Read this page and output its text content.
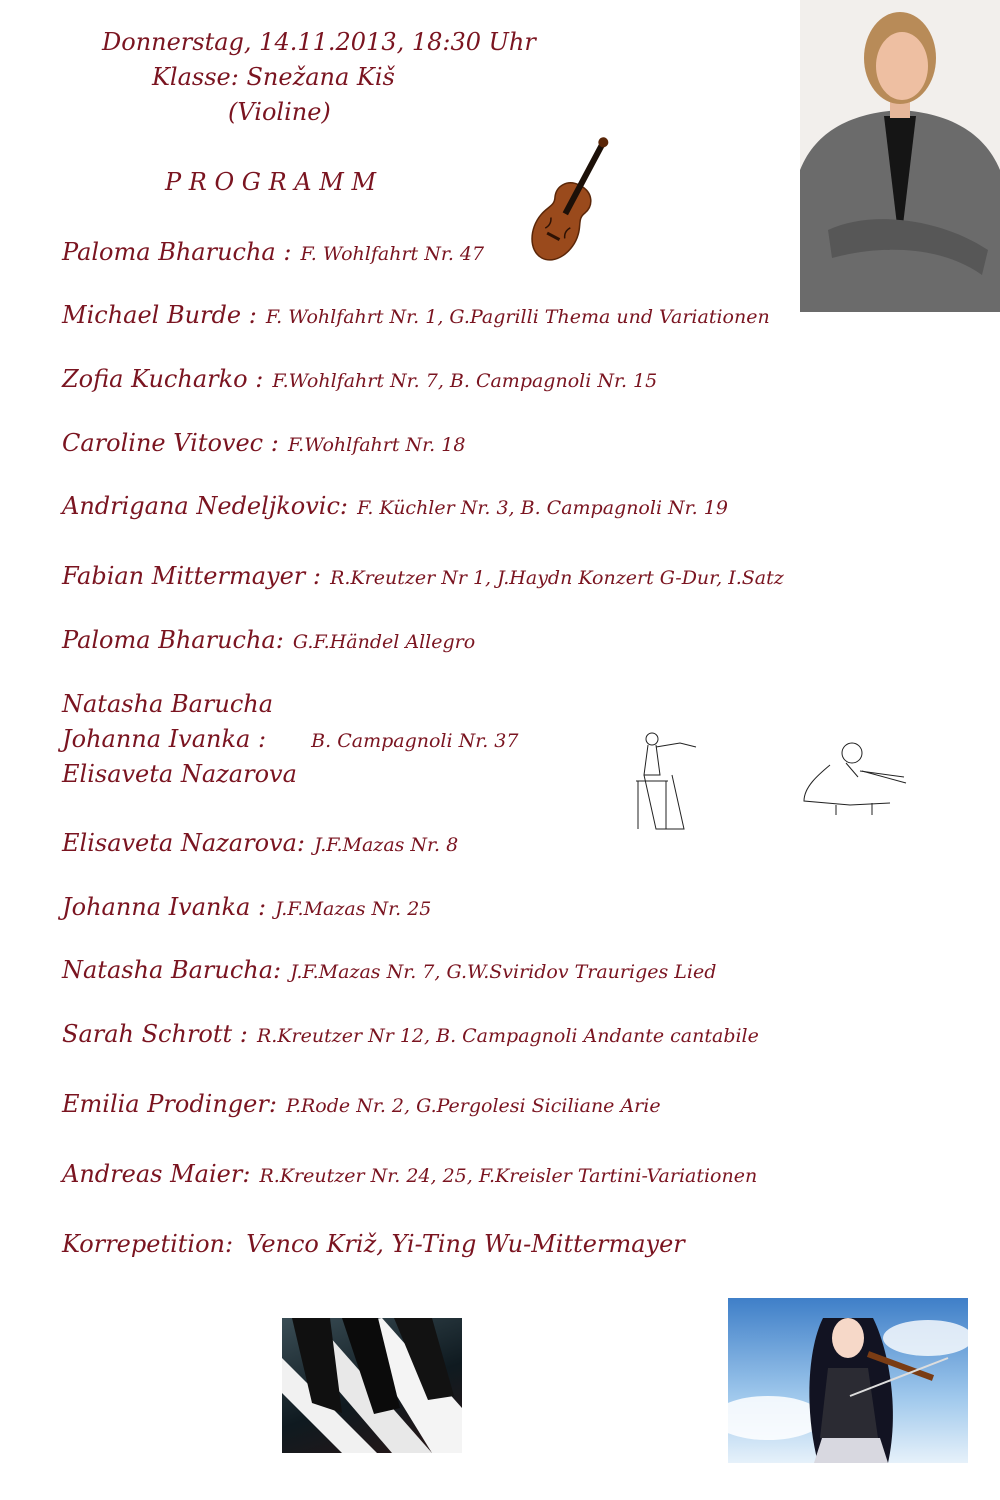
Donnerstag, 14.11.2013, 18:30 Uhr
Klasse: Snežana Kiš
(Violine)
P R O G R A M M
Paloma Bharucha : F. Wohlfahrt Nr. 47
Michael Burde : F. Wohlfahrt Nr. 1, G.Pagrilli Thema und Variationen
Zofia Kucharko : F.Wohlfahrt Nr. 7, B. Campagnoli Nr. 15
Caroline Vitovec : F.Wohlfahrt Nr. 18
Andrigana Nedeljkovic: F. Küchler Nr. 3, B. Campagnoli Nr. 19
Fabian Mittermayer : R.Kreutzer Nr 1, J.Haydn Konzert G-Dur, I.Satz
Paloma Bharucha: G.F.Händel Allegro
Natasha Barucha
Johanna Ivanka : B. Campagnoli Nr. 37
Elisaveta Nazarova
Elisaveta Nazarova: J.F.Mazas Nr. 8
Johanna Ivanka : J.F.Mazas Nr. 25
Natasha Barucha: J.F.Mazas Nr. 7, G.W.Sviridov Trauriges Lied
Sarah Schrott : R.Kreutzer Nr 12, B. Campagnoli Andante cantabile
Emilia Prodinger: P.Rode Nr. 2, G.Pergolesi Siciliane Arie
Andreas Maier: R.Kreutzer Nr. 24, 25, F.Kreisler Tartini-Variationen
Korrepetition: Venco Križ, Yi-Ting Wu-Mittermayer
